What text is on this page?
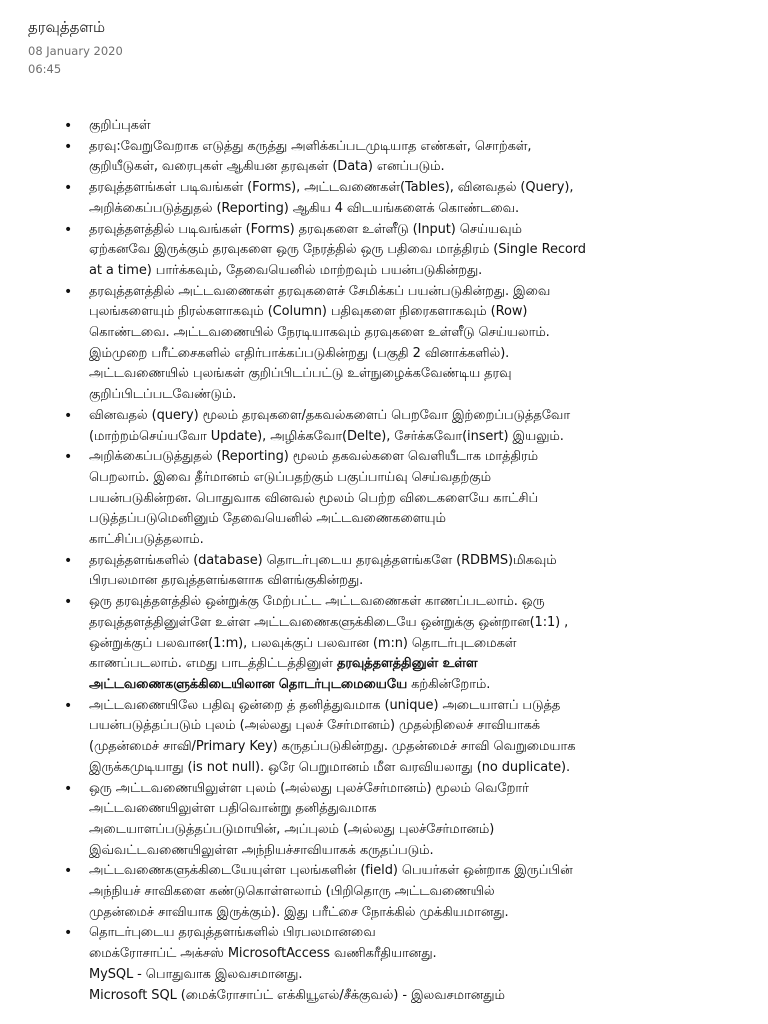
தரவுத்தளம்
08 January 2020
06:45
• குறிப்புகள்
• தரவு:வேறுவேறாக எடுத்து கருத்து அளிக்கப்படமுடியாத எண்கள், சொற்கள்,
குறியீடுகள், வரைபுகள் ஆகியன தரவுகள் (Data) எனப்படும்.
• தரவுத்தளங்கள் படிவங்கள் (Forms), அட்டவணைகள்(Tables), வினவதல் (Query),
அறிக்கைப்படுத்துதல் (Reporting) ஆகிய 4 விடயங்களைக் கொண்டவை.
• தரவுத்தளத்தில் படிவங்கள் (Forms) தரவுகளை உள்ளீடு (Input) செய்யவும்
ஏற்கனவே இருக்கும் தரவுகளை ஒரு நேரத்தில் ஒரு பதிவை மாத்திரம் (Single Record
at a time) பார்க்கவும், தேவையெனில் மாற்றவும் பயன்படுகின்றது.
• தரவுத்தளத்தில் அட்டவணைகள் தரவுகளைச் சேமிக்கப் பயன்படுகின்றது. இவை
புலங்களையும் நிரல்களாகவும் (Column) பதிவுகளை நிரைகளாகவும் (Row)
கொண்டவை. அட்டவணையில் நேரடியாகவும் தரவுகளை உள்ளீடு செய்யலாம்.
இம்முறை பரீட்சைகளில் எதிர்பாக்கப்படுகின்றது (பகுதி 2 வினாக்களில்).
அட்டவணையில் புலங்கள் குறிப்பிடப்பட்டு உள்நுழைக்கவேண்டிய தரவு
குறிப்பிடப்படவேண்டும்.
• வினவதல் (query) மூலம் தரவுகளை/தகவல்களைப் பெறவோ இற்றைப்படுத்தவோ
(மாற்றம்செய்யவோ Update), அழிக்கவோ(Delte), சேர்க்கவோ(insert) இயலும்.
• அறிக்கைப்படுத்துதல் (Reporting) மூலம் தகவல்களை வெளியீடாக மாத்திரம்
பெறலாம். இவை தீர்மானம் எடுப்பதற்கும் பகுப்பாய்வு செய்வதற்கும்
பயன்படுகின்றன. பொதுவாக வினவல் மூலம் பெற்ற விடைகளையே காட்சிப்
படுத்தப்படுமெனினும் தேவையெனில் அட்டவணைகளையும்
காட்சிப்படுத்தலாம்.
• தரவுத்தளங்களில் (database) தொடர்புடைய தரவுத்தளங்களே (RDBMS)மிகவும்
பிரபலமான தரவுத்தளங்களாக விளங்குகின்றது.
• ஒரு தரவுத்தளத்தில் ஒன்றுக்கு மேற்பட்ட அட்டவணைகள் காணப்படலாம். ஒரு
தரவுத்தளத்தினுள்ளே உள்ள அட்டவணைகளுக்கிடையே ஒன்றுக்கு ஒன்றான(1:1) ,
ஒன்றுக்குப் பலவான(1:m), பலவுக்குப் பலவான (m:n) தொடர்புடமைகள்
காணப்படலாம். எமது பாடத்திட்டத்தினுள் தரவுத்தளத்தினுள் உள்ள
அட்டவணைகளுக்கிடையிலான தொடர்புடமையையே கற்கின்றோம்.
• அட்டவணையிலே பதிவு ஒன்றை த் தனித்துவமாக (unique) அடையாளப் படுத்த
பயன்படுத்தப்படும் புலம் (அல்லது புலச் சேர்மானம்) முதல்நிலைச் சாவியாகக்
(முதன்மைச் சாவி/Primary Key) கருதப்படுகின்றது. முதன்மைச் சாவி வெறுமையாக
இருக்கமுடியாது (is not null). ஒரே பெறுமானம் மீள வரவியலாது (no duplicate).
• ஒரு அட்டவணையிலுள்ள புலம் (அல்லது புலச்சேர்மானம்) மூலம் வெறோர்
அட்டவணையிலுள்ள பதிவொன்று தனித்துவமாக
அடையாளப்படுத்தப்படுமாயின், அப்புலம் (அல்லது புலச்சேர்மானம்)
இவ்வட்டவணையிலுள்ள அந்நியச்சாவியாகக் கருதப்படும்.
• அட்டவணைகளுக்கிடையேயுள்ள புலங்களின் (field) பெயர்கள் ஒன்றாக இருப்பின்
அந்நியச் சாவிகளை கண்டுகொள்ளலாம் (பிறிதொரு அட்டவணையில்
முதன்மைச் சாவியாக இருக்கும்). இது பரீட்சை நோக்கில் முக்கியமானது.
• தொடர்புடைய தரவுத்தளங்களில் பிரபலமானவை
மைக்ரோசாப்ட் அக்சஸ் MicrosoftAccess வணிகரீதியானது.
MySQL - பொதுவாக இலவசமானது.
Microsoft SQL (மைக்ரோசாப்ட் எக்கியூஎல்/சீக்குவல்) - இலவசமானதும்
